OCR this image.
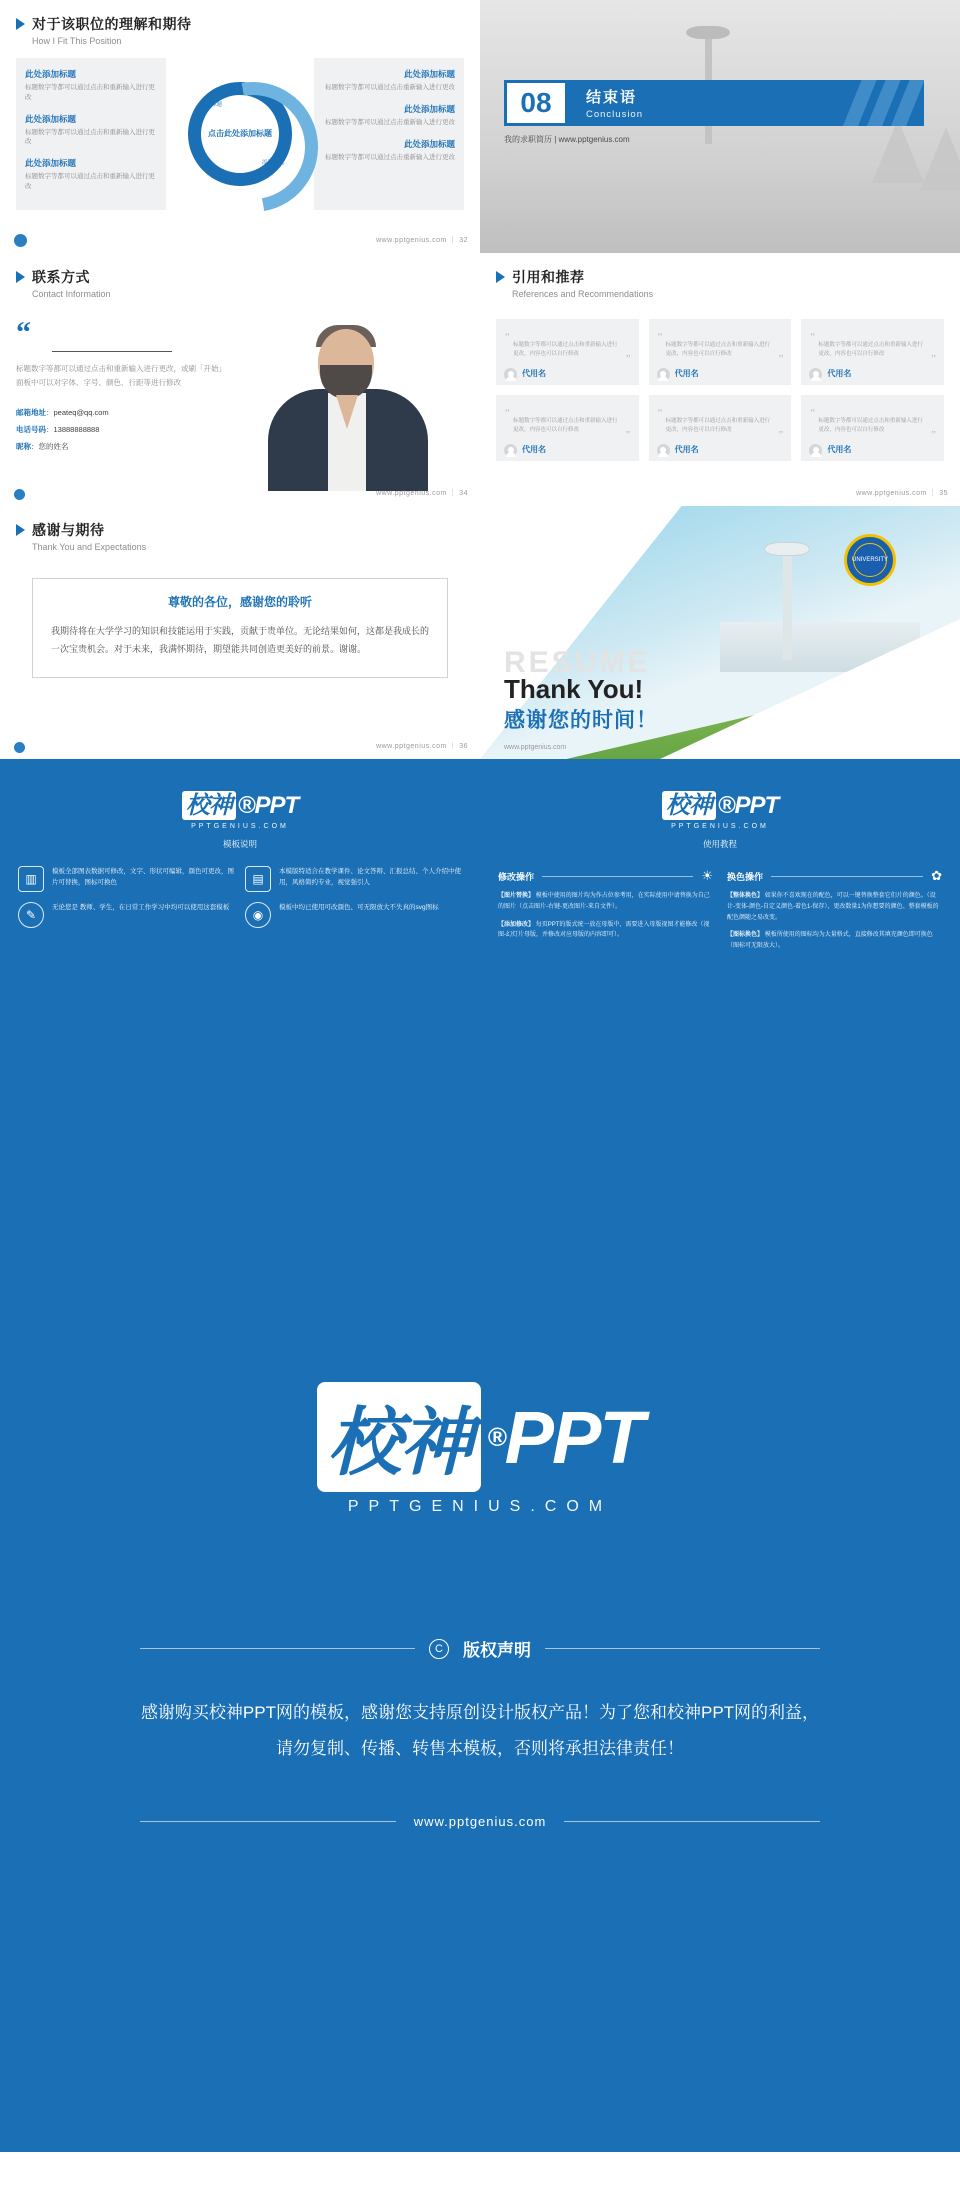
对于该职位的理解和期待
How I Fit This Position
此处添加标题
标题数字等都可以通过点击和重新输入进行更改
此处添加标题
标题数字等都可以通过点击和重新输入进行更改
此处添加标题
标题数字等都可以通过点击和重新输入进行更改
点击此处添加标题
添加标题
添加标题
此处添加标题
标题数字等都可以通过点击重新输入进行更改
此处添加标题
标题数字等都可以通过点击重新输入进行更改
此处添加标题
标题数字等都可以通过点击重新输入进行更改
www.pptgenius.com ｜ 32
08	结束语
Conclusion
我的求职简历 | www.pptgenius.com
联系方式
Contact Information
“
标题数字等都可以通过点击和重新输入进行更改，或刷「开始」面板中可以对字体、字号、颜色、行距等进行修改
邮箱地址：peateq@qq.com
电话号码：13888888888
昵称：您的姓名
www.pptgenius.com ｜ 34
引用和推荐
References and Recommendations
“
”
标题数字等都可以通过点击和重新输入进行更改，内容也可以自行修改
代用名
“
”
标题数字等都可以通过点击和重新输入进行更改，内容也可以自行修改
代用名
“
”
标题数字等都可以通过点击和重新输入进行更改，内容也可以自行修改
代用名
“
”
标题数字等都可以通过点击和重新输入进行更改，内容也可以自行修改
代用名
“
”
标题数字等都可以通过点击和重新输入进行更改，内容也可以自行修改
代用名
“
”
标题数字等都可以通过点击和重新输入进行更改，内容也可以自行修改
代用名
www.pptgenius.com ｜ 35
感谢与期待
Thank You and Expectations
尊敬的各位，感谢您的聆听
我期待将在大学学习的知识和技能运用于实践，贡献于贵单位。无论结果如何，这都是我成长的一次宝贵机会。对于未来，我满怀期待，期望能共同创造更美好的前景。谢谢。
www.pptgenius.com ｜ 36
UNIVERSITY
RESUME
Thank You!
感谢您的时间！
www.pptgenius.com
校神 ®PPT
PPTGENIUS.COM
模板说明
▥
模板全部图表数据可修改，文字、形状可编辑，颜色可更改，图片可替换，图标可换色	▤
本模版特适合在教学课件、论文答辩、汇报总结、个人介绍中使用，风格简约专业，视觉强引人
✎
无论您是 教师、学生，在日常工作学习中均可以使用这套模板
◉
模板中均已使用可改颜色、可无限放大不失真的svg图标
校神 ®PPT
PPTGENIUS.COM
使用教程
修改操作	☀
【图片替换】 模板中使用的图片均为作占位参考用，在实际使用中请替换为自己的图片（点击图片-右键-更改图片-来自文件）。
【添加修改】 每页PPT的版式统一放在母版中，需要进入母版视图才能修改（视图-幻灯片母版，并修改对应母版的内容即可）。
换色操作	✿
【整体换色】 如果你不喜欢现在的配色，可以一键替换整套它们片的颜色。（设计-变体-颜色-自定义颜色-着色1-保存），更改数量1为你想要的颜色、整套模板的配色颜随之易改变。
【图标换色】 模板所使用的图标均为大量格式，直接修改其填充颜色即可换色（图标可无限放大）。
校神 ® PPT
PPTGENIUS.COM
C	版权声明
感谢购买校神PPT网的模板，感谢您支持原创设计版权产品！为了您和校神PPT网的利益，请勿复制、传播、转售本模板，否则将承担法律责任！
www.pptgenius.com
